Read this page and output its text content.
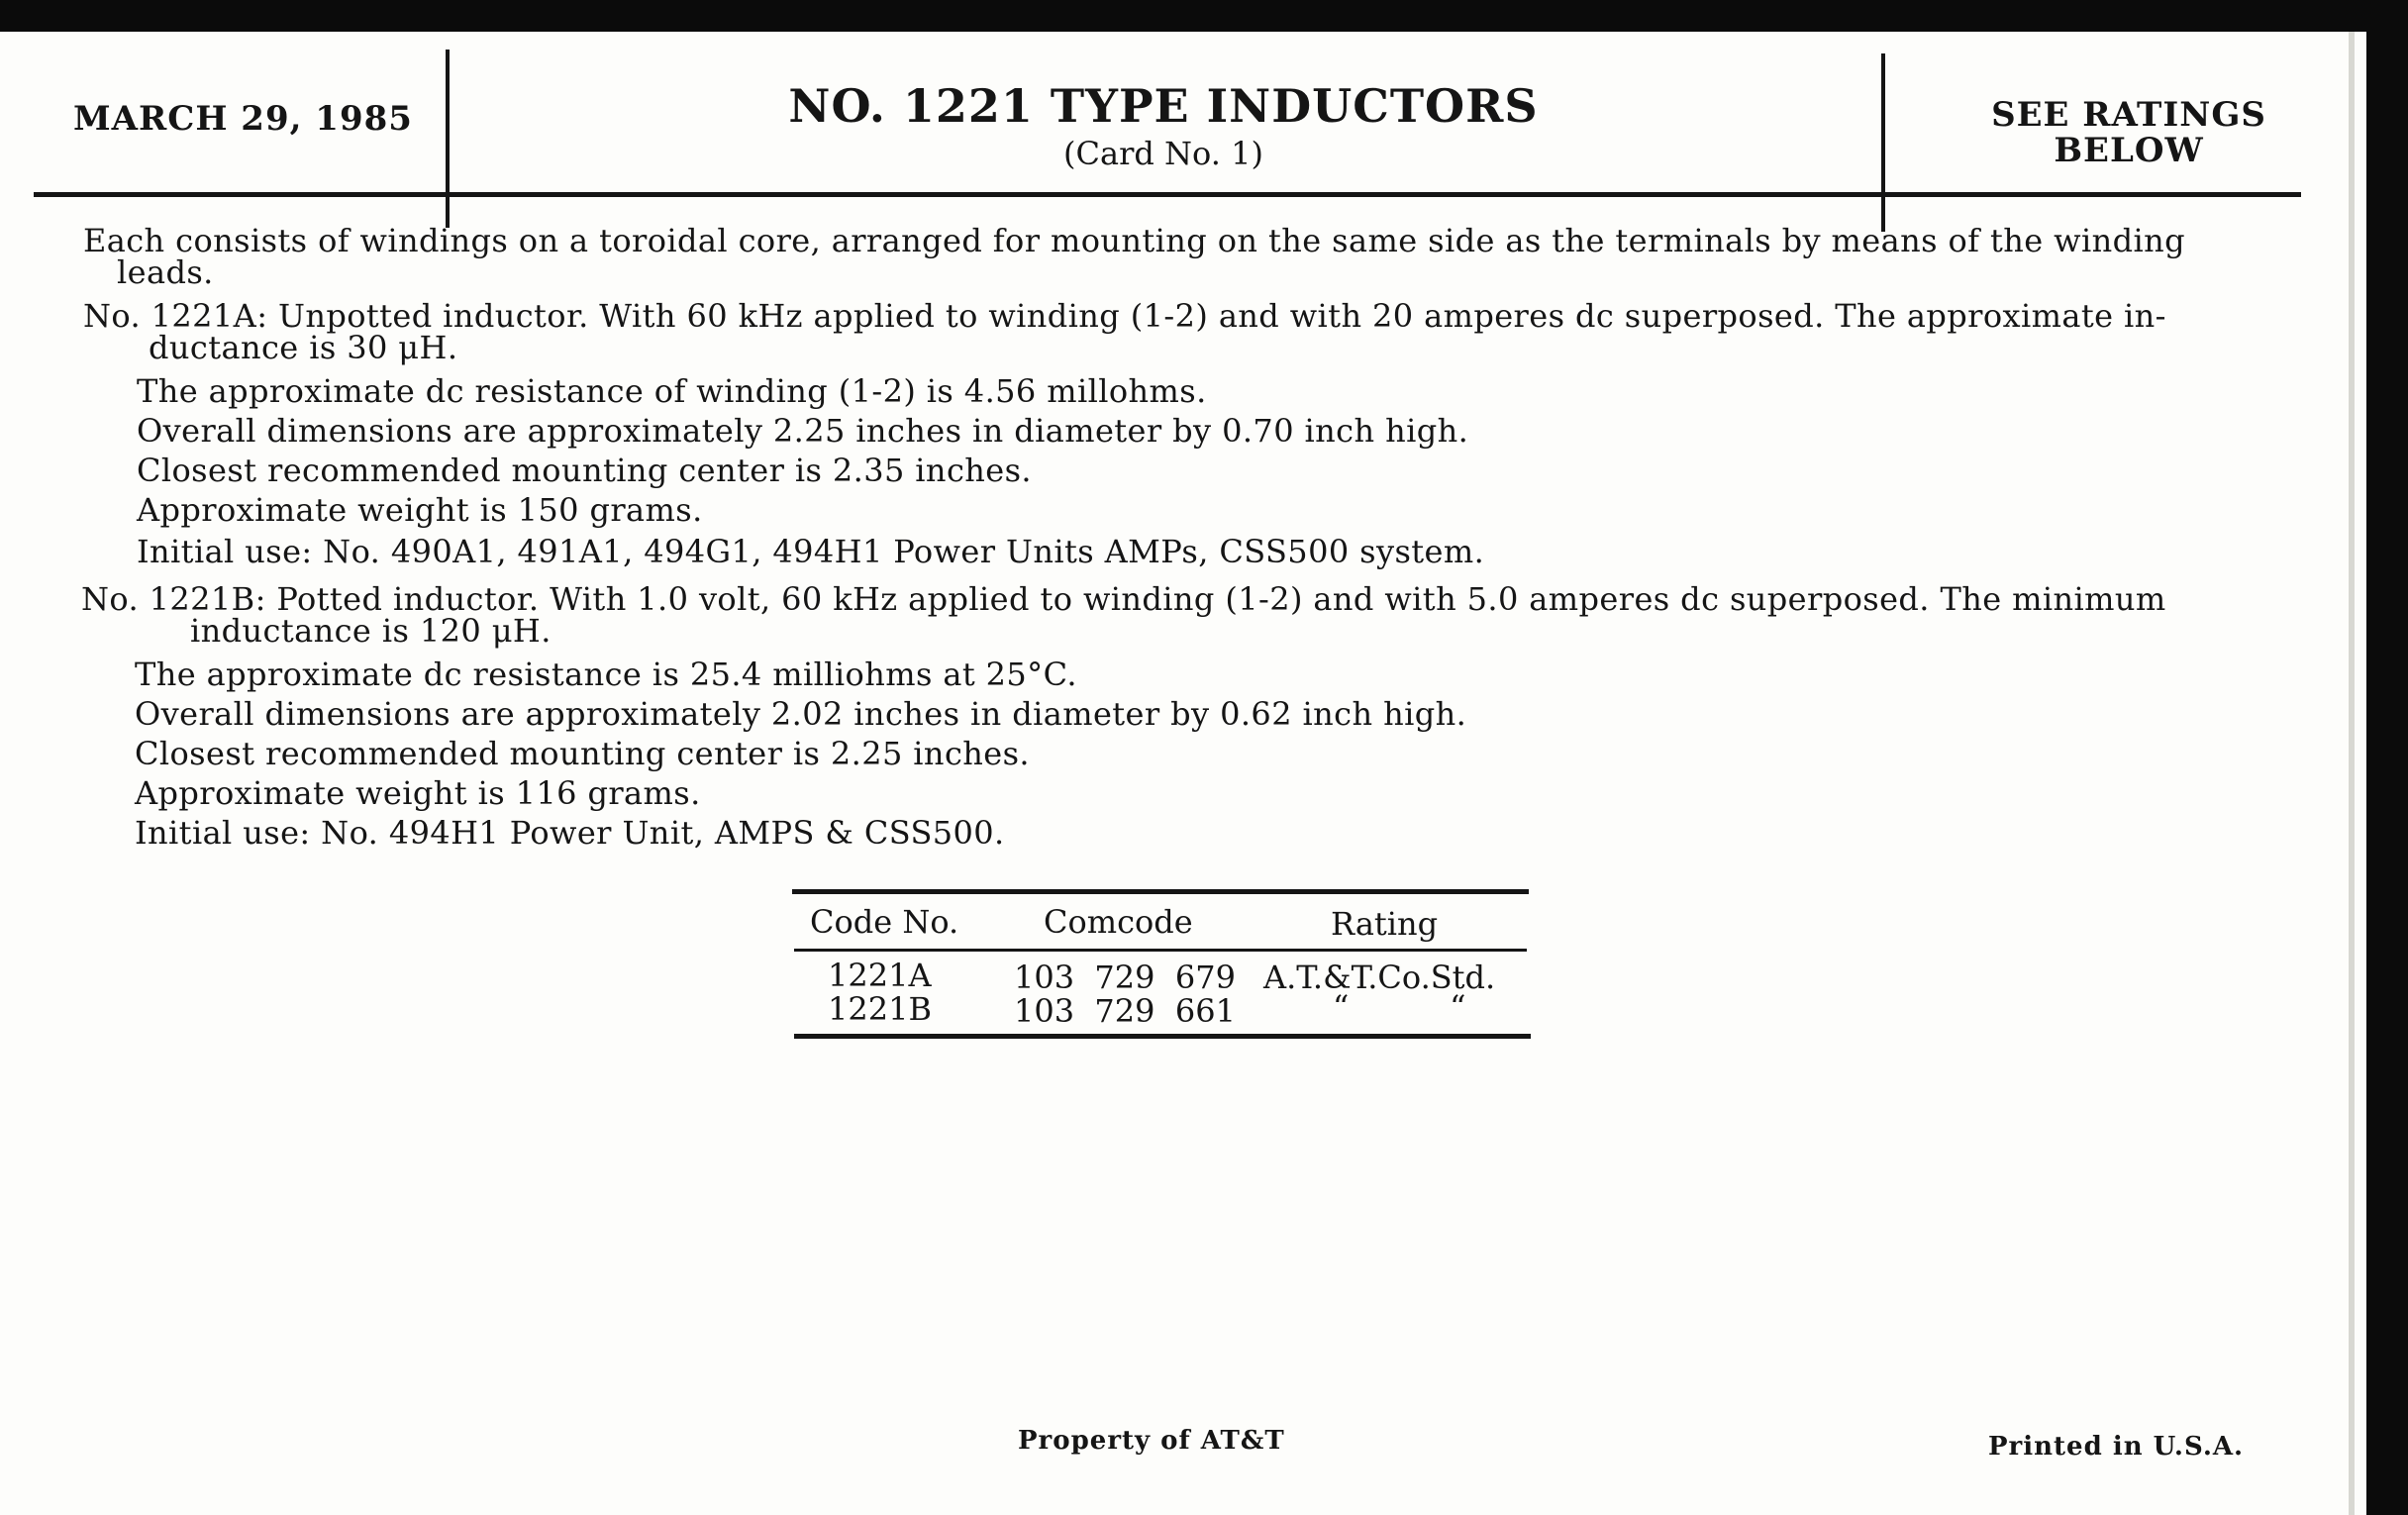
MARCH 29, 1985	NO. 1221 TYPE INDUCTORS
(Card No. 1)
SEE RATINGS
BELOW
Each consists of windings on a toroidal core, arranged for mounting on the same side as the terminals by means of the winding
leads.
No. 1221A: Unpotted inductor. With 60 kHz applied to winding (1-2) and with 20 amperes dc superposed. The approximate in-
ductance is 30 μH.
The approximate dc resistance of winding (1-2) is 4.56 millohms.
Overall dimensions are approximately 2.25 inches in diameter by 0.70 inch high.
Closest recommended mounting center is 2.35 inches.
Approximate weight is 150 grams.
Initial use: No. 490A1, 491A1, 494G1, 494H1 Power Units AMPs, CSS500 system.
No. 1221B: Potted inductor. With 1.0 volt, 60 kHz applied to winding (1-2) and with 5.0 amperes dc superposed. The minimum
inductance is 120 μH.
The approximate dc resistance is 25.4 milliohms at 25°C.
Overall dimensions are approximately 2.02 inches in diameter by 0.62 inch high.
Closest recommended mounting center is 2.25 inches.
Approximate weight is 116 grams.
Initial use: No. 494H1 Power Unit, AMPS & CSS500.
Code No.	Comcode	Rating
1221A	103  729  679 A.T.&T.Co.Std.
1221B	103  729  661	“          “
Property of AT&T	Printed in U.S.A.
